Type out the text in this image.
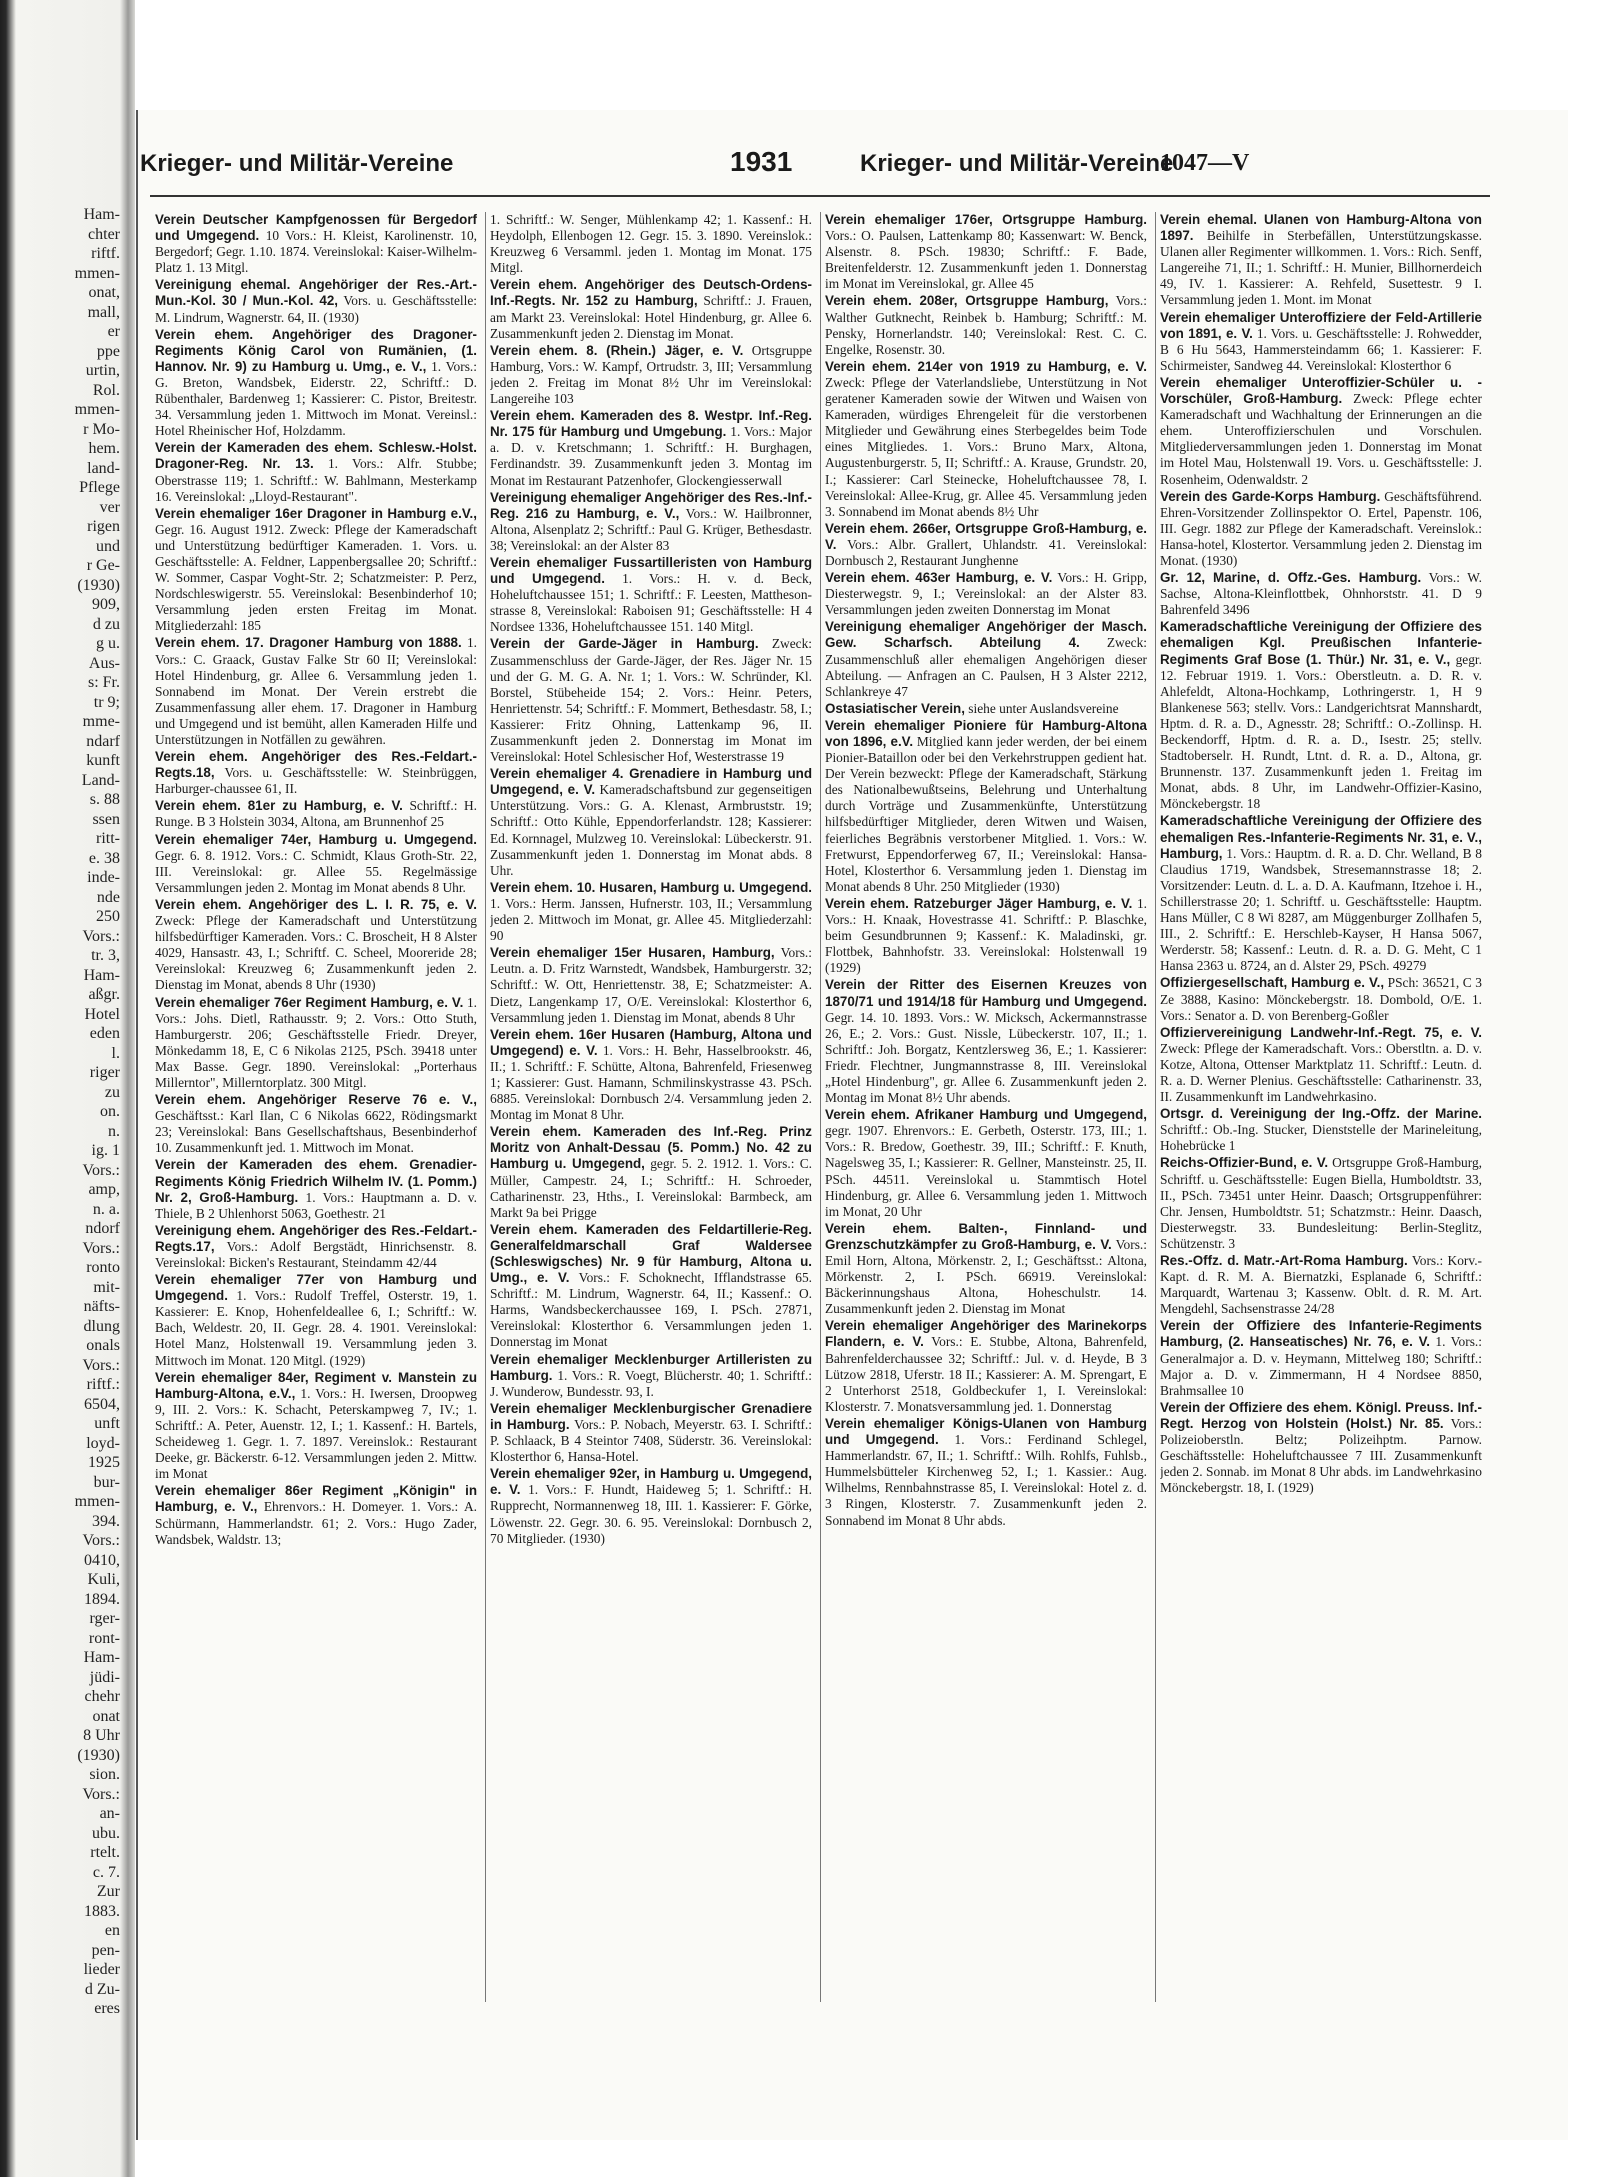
Ham-
chter
riftf.
mmen-
onat,
mall,
er
ppe
urtin,
Rol.
mmen-
r Mo-
hem.
land-
Pflege
ver
rigen
und
r Ge-
(1930)
909,
d zu
g u.
Aus-
s: Fr.
tr 9;
mme-
ndarf
kunft
Land-
s. 88
ssen
ritt-
e. 38
inde-
nde
250
Vors.:
tr. 3,
Ham-
aßgr.
Hotel
eden
l.
riger
zu
on.
n.
ig. 1
Vors.:
amp,
n. a.
ndorf
Vors.:
ronto
mit-
näfts-
dlung
onals
Vors.:
riftf.:
6504,
unft
loyd-
1925
bur-
mmen-
394.
Vors.:
0410,
Kuli,
1894.
rger-
ront-
Ham-
jüdi-
chehr
onat
8 Uhr
(1930)
sion.
Vors.:
an-
ubu.
rtelt.
c. 7.
Zur
1883.
en
pen-
lieder
d Zu-
eres
Krieger- und Militär-Vereine	1931	Krieger- und Militär-Vereine
1047—V

Verein Deutscher Kampfgenossen für Bergedorf und Umgegend. 10 Vors.: H. Kleist, Karolinenstr. 10, Bergedorf; Gegr. 1.10. 1874. Vereinslokal: Kaiser-Wilhelm-Platz 1. 13 Mitgl.

Vereinigung ehemal. Angehöriger der Res.-Art.-Mun.-Kol. 30 / Mun.-Kol. 42, Vors. u. Geschäftsstelle: M. Lindrum, Wagnerstr. 64, II. (1930)

Verein ehem. Angehöriger des Dragoner-Regiments König Carol von Rumänien, (1. Hannov. Nr. 9) zu Hamburg u. Umg., e. V., 1. Vors.: G. Breton, Wandsbek, Eiderstr. 22, Schriftf.: D. Rübenthaler, Bardenweg 1; Kassierer: C. Pistor, Breitestr. 34. Versammlung jeden 1. Mittwoch im Monat. Vereinsl.: Hotel Rheinischer Hof, Holzdamm.

Verein der Kameraden des ehem. Schlesw.-Holst. Dragoner-Reg. Nr. 13. 1. Vors.: Alfr. Stubbe; Oberstrasse 119; 1. Schriftf.: W. Bahlmann, Mesterkamp 16. Vereinslokal: „Lloyd-Restaurant".

Verein ehemaliger 16er Dragoner in Hamburg e.V., Gegr. 16. August 1912. Zweck: Pflege der Kameradschaft und Unterstützung bedürftiger Kameraden. 1. Vors. u. Geschäftsstelle: A. Feldner, Lappenbergsallee 20; Schriftf.: W. Sommer, Caspar Voght-Str. 2; Schatzmeister: P. Perz, Nordschleswigerstr. 55. Vereinslokal: Besenbinderhof 10; Versammlung jeden ersten Freitag im Monat. Mitgliederzahl: 185

Verein ehem. 17. Dragoner Hamburg von 1888. 1. Vors.: C. Graack, Gustav Falke Str 60 II; Vereinslokal: Hotel Hindenburg, gr. Allee 6. Versammlung jeden 1. Sonnabend im Monat. Der Verein erstrebt die Zusammenfassung aller ehem. 17. Dragoner in Hamburg und Umgegend und ist bemüht, allen Kameraden Hilfe und Unterstützungen in Notfällen zu gewähren.

Verein ehem. Angehöriger des Res.-Feldart.-Regts.18, Vors. u. Geschäftsstelle: W. Steinbrüggen, Harburger-chaussee 61, II.

Verein ehem. 81er zu Hamburg, e. V. Schriftf.: H. Runge. B 3 Holstein 3034, Altona, am Brunnenhof 25

Verein ehemaliger 74er, Hamburg u. Umgegend. Gegr. 6. 8. 1912. Vors.: C. Schmidt, Klaus Groth-Str. 22, III. Vereinslokal: gr. Allee 55. Regelmässige Versammlungen jeden 2. Montag im Monat abends 8 Uhr.

Verein ehem. Angehöriger des L. I. R. 75, e. V. Zweck: Pflege der Kameradschaft und Unterstützung hilfsbedürftiger Kameraden. Vors.: C. Broscheit, H 8 Alster 4029, Hansastr. 43, I.; Schriftf. C. Scheel, Mooreride 28; Vereinslokal: Kreuzweg 6; Zusammenkunft jeden 2. Dienstag im Monat, abends 8 Uhr (1930)

Verein ehemaliger 76er Regiment Hamburg, e. V. 1. Vors.: Johs. Dietl, Rathausstr. 9; 2. Vors.: Otto Stuth, Hamburgerstr. 206; Geschäftsstelle Friedr. Dreyer, Mönkedamm 18, E, C 6 Nikolas 2125, PSch. 39418 unter Max Basse. Gegr. 1890. Vereinslokal: „Porterhaus Millerntor", Millerntorplatz. 300 Mitgl.

Verein ehem. Angehöriger Reserve 76 e. V., Geschäftsst.: Karl Ilan, C 6 Nikolas 6622, Rödingsmarkt 23; Vereinslokal: Bans Gesellschaftshaus, Besenbinderhof 10. Zusammenkunft jed. 1. Mittwoch im Monat.

Verein der Kameraden des ehem. Grenadier-Regiments König Friedrich Wilhelm IV. (1. Pomm.) Nr. 2, Groß-Hamburg. 1. Vors.: Hauptmann a. D. v. Thiele, B 2 Uhlenhorst 5063, Goethestr. 21

Vereinigung ehem. Angehöriger des Res.-Feldart.-Regts.17, Vors.: Adolf Bergstädt, Hinrichsenstr. 8. Vereinslokal: Bicken's Restaurant, Steindamm 42/44

Verein ehemaliger 77er von Hamburg und Umgegend. 1. Vors.: Rudolf Treffel, Osterstr. 19, 1. Kassierer: E. Knop, Hohenfeldeallee 6, I.; Schriftf.: W. Bach, Weldestr. 20, II. Gegr. 28. 4. 1901. Vereinslokal: Hotel Manz, Holstenwall 19. Versammlung jeden 3. Mittwoch im Monat. 120 Mitgl. (1929)

Verein ehemaliger 84er, Regiment v. Manstein zu Hamburg-Altona, e.V., 1. Vors.: H. Iwersen, Droopweg 9, III. 2. Vors.: K. Schacht, Peterskampweg 7, IV.; 1. Schriftf.: A. Peter, Auenstr. 12, I.; 1. Kassenf.: H. Bartels, Scheideweg 1. Gegr. 1. 7. 1897. Vereinslok.: Restaurant Deeke, gr. Bäckerstr. 6-12. Versammlungen jeden 2. Mittw. im Monat

Verein ehemaliger 86er Regiment „Königin" in Hamburg, e. V., Ehrenvors.: H. Domeyer. 1. Vors.: A. Schürmann, Hammerlandstr. 61; 2. Vors.: Hugo Zader, Wandsbek, Waldstr. 13;

1. Schriftf.: W. Senger, Mühlenkamp 42; 1. Kassenf.: H. Heydolph, Ellenbogen 12. Gegr. 15. 3. 1890. Vereinslok.: Kreuzweg 6 Versamml. jeden 1. Montag im Monat. 175 Mitgl.

Verein ehem. Angehöriger des Deutsch-Ordens-Inf.-Regts. Nr. 152 zu Hamburg, Schriftf.: J. Frauen, am Markt 23. Vereinslokal: Hotel Hindenburg, gr. Allee 6. Zusammenkunft jeden 2. Dienstag im Monat.

Verein ehem. 8. (Rhein.) Jäger, e. V. Ortsgruppe Hamburg, Vors.: W. Kampf, Ortrudstr. 3, III; Versammlung jeden 2. Freitag im Monat 8½ Uhr im Vereinslokal: Langereihe 103

Verein ehem. Kameraden des 8. Westpr. Inf.-Reg. Nr. 175 für Hamburg und Umgebung. 1. Vors.: Major a. D. v. Kretschmann; 1. Schriftf.: H. Burghagen, Ferdinandstr. 39. Zusammenkunft jeden 3. Montag im Monat im Restaurant Patzenhofer, Glockengiesserwall

Vereinigung ehemaliger Angehöriger des Res.-Inf.-Reg. 216 zu Hamburg, e. V., Vors.: W. Hailbronner, Altona, Alsenplatz 2; Schriftf.: Paul G. Krüger, Bethesdastr. 38; Vereinslokal: an der Alster 83

Verein ehemaliger Fussartilleristen von Hamburg und Umgegend. 1. Vors.: H. v. d. Beck, Hoheluftchaussee 151; 1. Schriftf.: F. Leesten, Mattheson-strasse 8, Vereinslokal: Raboisen 91; Geschäftsstelle: H 4 Nordsee 1336, Hoheluftchaussee 151. 140 Mitgl.

Verein der Garde-Jäger in Hamburg. Zweck: Zusammenschluss der Garde-Jäger, der Res. Jäger Nr. 15 und der G. M. G. A. Nr. 1; 1. Vors.: W. Schründer, Kl. Borstel, Stübeheide 154; 2. Vors.: Heinr. Peters, Henriettenstr. 54; Schriftf.: F. Mommert, Bethesdastr. 58, I.; Kassierer: Fritz Ohning, Lattenkamp 96, II. Zusammenkunft jeden 2. Donnerstag im Monat im Vereinslokal: Hotel Schlesischer Hof, Westerstrasse 19

Verein ehemaliger 4. Grenadiere in Hamburg und Umgegend, e. V. Kameradschaftsbund zur gegenseitigen Unterstützung. Vors.: G. A. Klenast, Armbruststr. 19; Schriftf.: Otto Kühle, Eppendorferlandstr. 128; Kassierer: Ed. Kornnagel, Mulzweg 10. Vereinslokal: Lübeckerstr. 91. Zusammenkunft jeden 1. Donnerstag im Monat abds. 8 Uhr.

Verein ehem. 10. Husaren, Hamburg u. Umgegend. 1. Vors.: Herm. Janssen, Hufnerstr. 103, II.; Versammlung jeden 2. Mittwoch im Monat, gr. Allee 45. Mitgliederzahl: 90

Verein ehemaliger 15er Husaren, Hamburg, Vors.: Leutn. a. D. Fritz Warnstedt, Wandsbek, Hamburgerstr. 32; Schriftf.: W. Ott, Henriettenstr. 38, E; Schatzmeister: A. Dietz, Langenkamp 17, O/E. Vereinslokal: Klosterthor 6, Versammlung jeden 1. Dienstag im Monat, abends 8 Uhr

Verein ehem. 16er Husaren (Hamburg, Altona und Umgegend) e. V. 1. Vors.: H. Behr, Hasselbrookstr. 46, II.; 1. Schriftf.: F. Schütte, Altona, Bahrenfeld, Friesenweg 1; Kassierer: Gust. Hamann, Schmilinskystrasse 43. PSch. 6885. Vereinslokal: Dornbusch 2/4. Versammlung jeden 2. Montag im Monat 8 Uhr.

Verein ehem. Kameraden des Inf.-Reg. Prinz Moritz von Anhalt-Dessau (5. Pomm.) No. 42 zu Hamburg u. Umgegend, gegr. 5. 2. 1912. 1. Vors.: C. Müller, Campestr. 24, I.; Schriftf.: H. Schroeder, Catharinenstr. 23, Hths., I. Vereinslokal: Barmbeck, am Markt 9a bei Prigge

Verein ehem. Kameraden des Feldartillerie-Reg. Generalfeldmarschall Graf Waldersee (Schleswigsches) Nr. 9 für Hamburg, Altona u. Umg., e. V. Vors.: F. Schoknecht, Ifflandstrasse 65. Schriftf.: M. Lindrum, Wagnerstr. 64, II.; Kassenf.: O. Harms, Wandsbeckerchaussee 169, I. PSch. 27871, Vereinslokal: Klosterthor 6. Versammlungen jeden 1. Donnerstag im Monat

Verein ehemaliger Mecklenburger Artilleristen zu Hamburg. 1. Vors.: R. Voegt, Blücherstr. 40; 1. Schriftf.: J. Wunderow, Bundesstr. 93, I.

Verein ehemaliger Mecklenburgischer Grenadiere in Hamburg. Vors.: P. Nobach, Meyerstr. 63. I. Schriftf.: P. Schlaack, B 4 Steintor 7408, Süderstr. 36. Vereinslokal: Klosterthor 6, Hansa-Hotel.

Verein ehemaliger 92er, in Hamburg u. Umgegend, e. V. 1. Vors.: F. Hundt, Haideweg 5; 1. Schriftf.: H. Rupprecht, Normannenweg 18, III. 1. Kassierer: F. Görke, Löwenstr. 22. Gegr. 30. 6. 95. Vereinslokal: Dornbusch 2, 70 Mitglieder. (1930)

Verein ehemaliger 176er, Ortsgruppe Hamburg. Vors.: O. Paulsen, Lattenkamp 80; Kassenwart: W. Benck, Alsenstr. 8. PSch. 19830; Schriftf.: F. Bade, Breitenfelderstr. 12. Zusammenkunft jeden 1. Donnerstag im Monat im Vereinslokal, gr. Allee 45

Verein ehem. 208er, Ortsgruppe Hamburg, Vors.: Walther Gutknecht, Reinbek b. Hamburg; Schriftf.: M. Pensky, Hornerlandstr. 140; Vereinslokal: Rest. C. C. Engelke, Rosenstr. 30.

Verein ehem. 214er von 1919 zu Hamburg, e. V. Zweck: Pflege der Vaterlandsliebe, Unterstützung in Not geratener Kameraden sowie der Witwen und Waisen von Kameraden, würdiges Ehrengeleit für die verstorbenen Mitglieder und Gewährung eines Sterbegeldes beim Tode eines Mitgliedes. 1. Vors.: Bruno Marx, Altona, Augustenburgerstr. 5, II; Schriftf.: A. Krause, Grundstr. 20, I.; Kassierer: Carl Steinecke, Hoheluftchaussee 78, I. Vereinslokal: Allee-Krug, gr. Allee 45. Versammlung jeden 3. Sonnabend im Monat abends 8½ Uhr

Verein ehem. 266er, Ortsgruppe Groß-Hamburg, e. V. Vors.: Albr. Grallert, Uhlandstr. 41. Vereinslokal: Dornbusch 2, Restaurant Junghenne

Verein ehem. 463er Hamburg, e. V. Vors.: H. Gripp, Diesterwegstr. 9, I.; Vereinslokal: an der Alster 83. Versammlungen jeden zweiten Donnerstag im Monat

Vereinigung ehemaliger Angehöriger der Masch. Gew. Scharfsch. Abteilung 4. Zweck: Zusammenschluß aller ehemaligen Angehörigen dieser Abteilung. — Anfragen an C. Paulsen, H 3 Alster 2212, Schlankreye 47

Ostasiatischer Verein, siehe unter Auslandsvereine

Verein ehemaliger Pioniere für Hamburg-Altona von 1896, e.V. Mitglied kann jeder werden, der bei einem Pionier-Bataillon oder bei den Verkehrstruppen gedient hat. Der Verein bezweckt: Pflege der Kameradschaft, Stärkung des Nationalbewußtseins, Belehrung und Unterhaltung durch Vorträge und Zusammenkünfte, Unterstützung hilfsbedürftiger Mitglieder, deren Witwen und Waisen, feierliches Begräbnis verstorbener Mitglied. 1. Vors.: W. Fretwurst, Eppendorferweg 67, II.; Vereinslokal: Hansa-Hotel, Klosterthor 6. Versammlung jeden 1. Dienstag im Monat abends 8 Uhr. 250 Mitglieder (1930)

Verein ehem. Ratzeburger Jäger Hamburg, e. V. 1. Vors.: H. Knaak, Hovestrasse 41. Schriftf.: P. Blaschke, beim Gesundbrunnen 9; Kassenf.: K. Maladinski, gr. Flottbek, Bahnhofstr. 33. Vereinslokal: Holstenwall 19 (1929)

Verein der Ritter des Eisernen Kreuzes von 1870/71 und 1914/18 für Hamburg und Umgegend. Gegr. 14. 10. 1893. Vors.: W. Micksch, Ackermannstrasse 26, E.; 2. Vors.: Gust. Nissle, Lübeckerstr. 107, II.; 1. Schriftf.: Joh. Borgatz, Kentzlersweg 36, E.; 1. Kassierer: Friedr. Flechtner, Jungmannstrasse 8, III. Vereinslokal „Hotel Hindenburg", gr. Allee 6. Zusammenkunft jeden 2. Montag im Monat 8½ Uhr abends.

Verein ehem. Afrikaner Hamburg und Umgegend, gegr. 1907. Ehrenvors.: E. Gerbeth, Osterstr. 173, III.; 1. Vors.: R. Bredow, Goethestr. 39, III.; Schriftf.: F. Knuth, Nagelsweg 35, I.; Kassierer: R. Gellner, Mansteinstr. 25, II. PSch. 44511. Vereinslokal u. Stammtisch Hotel Hindenburg, gr. Allee 6. Versammlung jeden 1. Mittwoch im Monat, 20 Uhr

Verein ehem. Balten-, Finnland- und Grenzschutzkämpfer zu Groß-Hamburg, e. V. Vors.: Emil Horn, Altona, Mörkenstr. 2, I.; Geschäftsst.: Altona, Mörkenstr. 2, I. PSch. 66919. Vereinslokal: Bäckerinnungshaus Altona, Hoheschulstr. 14. Zusammenkunft jeden 2. Dienstag im Monat

Verein ehemaliger Angehöriger des Marinekorps Flandern, e. V. Vors.: E. Stubbe, Altona, Bahrenfeld, Bahrenfelderchaussee 32; Schriftf.: Jul. v. d. Heyde, B 3 Lützow 2818, Uferstr. 18 II.; Kassierer: A. M. Sprengart, E 2 Unterhorst 2518, Goldbeckufer 1, I. Vereinslokal: Klosterstr. 7. Monatsversammlung jed. 1. Donnerstag

Verein ehemaliger Königs-Ulanen von Hamburg und Umgegend. 1. Vors.: Ferdinand Schlegel, Hammerlandstr. 67, II.; 1. Schriftf.: Wilh. Rohlfs, Fuhlsb., Hummelsbütteler Kirchenweg 52, I.; 1. Kassier.: Aug. Wilhelms, Rennbahnstrasse 85, I. Vereinslokal: Hotel z. d. 3 Ringen, Klosterstr. 7. Zusammenkunft jeden 2. Sonnabend im Monat 8 Uhr abds.

Verein ehemal. Ulanen von Hamburg-Altona von 1897. Beihilfe in Sterbefällen, Unterstützungskasse. Ulanen aller Regimenter willkommen. 1. Vors.: Rich. Senff, Langereihe 71, II.; 1. Schriftf.: H. Munier, Billhornerdeich 49, IV. 1. Kassierer: A. Rehfeld, Susettestr. 9 I. Versammlung jeden 1. Mont. im Monat

Verein ehemaliger Unteroffiziere der Feld-Artillerie von 1891, e. V. 1. Vors. u. Geschäftsstelle: J. Rohwedder, B 6 Hu 5643, Hammersteindamm 66; 1. Kassierer: F. Schirmeister, Sandweg 44. Vereinslokal: Klosterthor 6

Verein ehemaliger Unteroffizier-Schüler u. -Vorschüler, Groß-Hamburg. Zweck: Pflege echter Kameradschaft und Wachhaltung der Erinnerungen an die ehem. Unteroffizierschulen und Vorschulen. Mitgliederversammlungen jeden 1. Donnerstag im Monat im Hotel Mau, Holstenwall 19. Vors. u. Geschäftsstelle: J. Rosenheim, Odenwaldstr. 2

Verein des Garde-Korps Hamburg. Geschäftsführend. Ehren-Vorsitzender Zollinspektor O. Ertel, Papenstr. 106, III. Gegr. 1882 zur Pflege der Kameradschaft. Vereinslok.: Hansa-hotel, Klostertor. Versammlung jeden 2. Dienstag im Monat. (1930)

Gr. 12, Marine, d. Offz.-Ges. Hamburg. Vors.: W. Sachse, Altona-Kleinflottbek, Ohnhorststr. 41. D 9 Bahrenfeld 3496

Kameradschaftliche Vereinigung der Offiziere des ehemaligen Kgl. Preußischen Infanterie-Regiments Graf Bose (1. Thür.) Nr. 31, e. V., gegr. 12. Februar 1919. 1. Vors.: Oberstleutn. a. D. R. v. Ahlefeldt, Altona-Hochkamp, Lothringerstr. 1, H 9 Blankenese 563; stellv. Vors.: Landgerichtsrat Mannshardt, Hptm. d. R. a. D., Agnesstr. 28; Schriftf.: O.-Zollinsp. H. Beckendorff, Hptm. d. R. a. D., Isestr. 25; stellv. Stadtoberselr. H. Rundt, Ltnt. d. R. a. D., Altona, gr. Brunnenstr. 137. Zusammenkunft jeden 1. Freitag im Monat, abds. 8 Uhr, im Landwehr-Offizier-Kasino, Mönckebergstr. 18

Kameradschaftliche Vereinigung der Offiziere des ehemaligen Res.-Infanterie-Regiments Nr. 31, e. V., Hamburg, 1. Vors.: Hauptm. d. R. a. D. Chr. Welland, B 8 Claudius 1719, Wandsbek, Stresemannstrasse 18; 2. Vorsitzender: Leutn. d. L. a. D. A. Kaufmann, Itzehoe i. H., Schillerstrasse 20; 1. Schriftf. u. Geschäftsstelle: Hauptm. Hans Müller, C 8 Wi 8287, am Müggenburger Zollhafen 5, III., 2. Schriftf.: E. Herschleb-Kayser, H Hansa 5067, Werderstr. 58; Kassenf.: Leutn. d. R. a. D. G. Meht, C 1 Hansa 2363 u. 8724, an d. Alster 29, PSch. 49279

Offiziergesellschaft, Hamburg e. V., PSch: 36521, C 3 Ze 3888, Kasino: Mönckebergstr. 18. Dombold, O/E. 1. Vors.: Senator a. D. von Berenberg-Goßler

Offiziervereinigung Landwehr-Inf.-Regt. 75, e. V. Zweck: Pflege der Kameradschaft. Vors.: Oberstltn. a. D. v. Kotze, Altona, Ottenser Marktplatz 11. Schriftf.: Leutn. d. R. a. D. Werner Plenius. Geschäftsstelle: Catharinenstr. 33, II. Zusammenkunft im Landwehrkasino.

Ortsgr. d. Vereinigung der Ing.-Offz. der Marine. Schriftf.: Ob.-Ing. Stucker, Dienststelle der Marineleitung, Hohebrücke 1

Reichs-Offizier-Bund, e. V. Ortsgruppe Groß-Hamburg, Schriftf. u. Geschäftsstelle: Eugen Biella, Humboldtstr. 33, II., PSch. 73451 unter Heinr. Daasch; Ortsgruppenführer: Chr. Jensen, Humboldtstr. 51; Schatzmstr.: Heinr. Daasch, Diesterwegstr. 33. Bundesleitung: Berlin-Steglitz, Schützenstr. 3

Res.-Offz. d. Matr.-Art-Roma Hamburg. Vors.: Korv.-Kapt. d. R. M. A. Biernatzki, Esplanade 6, Schriftf.: Marquardt, Wartenau 3; Kassenw. Oblt. d. R. M. Art. Mengdehl, Sachsenstrasse 24/28

Verein der Offiziere des Infanterie-Regiments Hamburg, (2. Hanseatisches) Nr. 76, e. V. 1. Vors.: Generalmajor a. D. v. Heymann, Mittelweg 180; Schriftf.: Major a. D. v. Zimmermann, H 4 Nordsee 8850, Brahmsallee 10

Verein der Offiziere des ehem. Königl. Preuss. Inf.-Regt. Herzog von Holstein (Holst.) Nr. 85. Vors.: Polizeioberstln. Beltz; Polizeihptm. Parnow. Geschäftsstelle: Hoheluftchaussee 7 III. Zusammenkunft jeden 2. Sonnab. im Monat 8 Uhr abds. im Landwehrkasino Mönckebergstr. 18, I. (1929)
